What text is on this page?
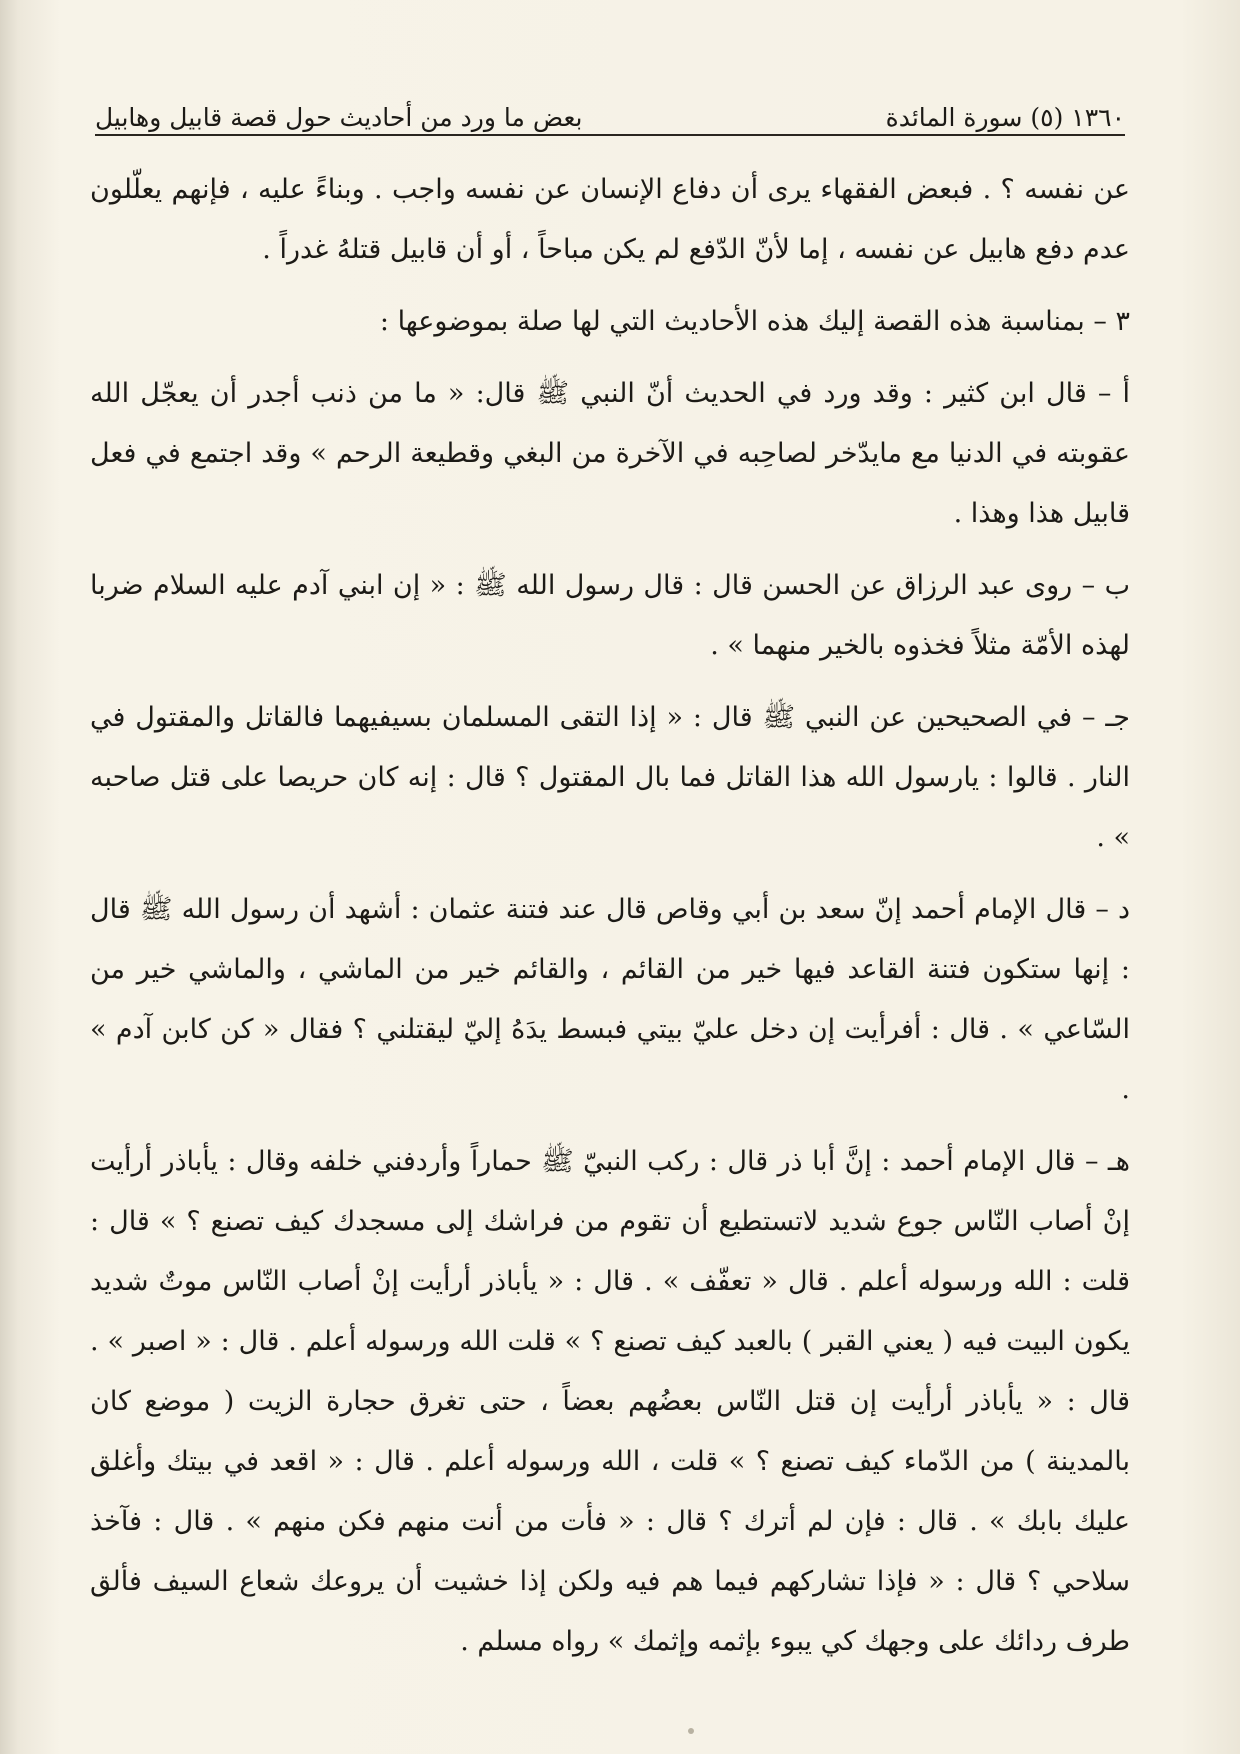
١٣٦٠ (٥) سورة المائدة
بعض ما ورد من أحاديث حول قصة قابيل وهابيل

عن نفسه ؟ . فبعض الفقهاء يرى أن دفاع الإنسان عن نفسه واجب . وبناءً عليه ، فإنهم يعلّلون عدم دفع هابيل عن نفسه ، إما لأنّ الدّفع لم يكن مباحاً ، أو أن قابيل قتلهُ غدراً .

٣ – بمناسبة هذه القصة إليك هذه الأحاديث التي لها صلة بموضوعها :

أ – قال ابن كثير : وقد ورد في الحديث أنّ النبي ﷺ قال: « ما من ذنب أجدر أن يعجّل الله عقوبته في الدنيا مع مايدّخر لصاحِبه في الآخرة من البغي وقطيعة الرحم » وقد اجتمع في فعل قابيل هذا وهذا .

ب – روى عبد الرزاق عن الحسن قال : قال رسول الله ﷺ : « إن ابني آدم عليه السلام ضربا لهذه الأمّة مثلاً فخذوه بالخير منهما » .

جـ – في الصحيحين عن النبي ﷺ قال : « إذا التقى المسلمان بسيفيهما فالقاتل والمقتول في النار . قالوا : يارسول الله هذا القاتل فما بال المقتول ؟ قال : إنه كان حريصا على قتل صاحبه » .

د – قال الإمام أحمد إنّ سعد بن أبي وقاص قال عند فتنة عثمان : أشهد أن رسول الله ﷺ قال : إنها ستكون فتنة القاعد فيها خير من القائم ، والقائم خير من الماشي ، والماشي خير من السّاعي » . قال : أفرأيت إن دخل عليّ بيتي فبسط يدَهُ إليّ ليقتلني ؟ فقال « كن كابن آدم » .

هـ – قال الإمام أحمد : إنَّ أبا ذر قال : ركب النبيّ ﷺ حماراً وأردفني خلفه وقال : يأباذر أرأيت إنْ أصاب النّاس جوع شديد لاتستطيع أن تقوم من فراشك إلى مسجدك كيف تصنع ؟ » قال : قلت : الله ورسوله أعلم . قال « تعفّف » . قال : « يأباذر أرأيت إنْ أصاب النّاس موتٌ شديد يكون البيت فيه ( يعني القبر ) بالعبد كيف تصنع ؟ » قلت الله ورسوله أعلم . قال : « اصبر » . قال : « يأباذر أرأيت إن قتل النّاس بعضُهم بعضاً ، حتى تغرق حجارة الزيت ( موضع كان بالمدينة ) من الدّماء كيف تصنع ؟ » قلت ، الله ورسوله أعلم . قال : « اقعد في بيتك وأغلق عليك بابك » . قال : فإن لم أترك ؟ قال : « فأت من أنت منهم فكن منهم » . قال : فآخذ سلاحي ؟ قال : « فإذا تشاركهم فيما هم فيه ولكن إذا خشيت أن يروعك شعاع السيف فألق طرف ردائك على وجهك كي يبوء بإثمه وإثمك » رواه مسلم .
